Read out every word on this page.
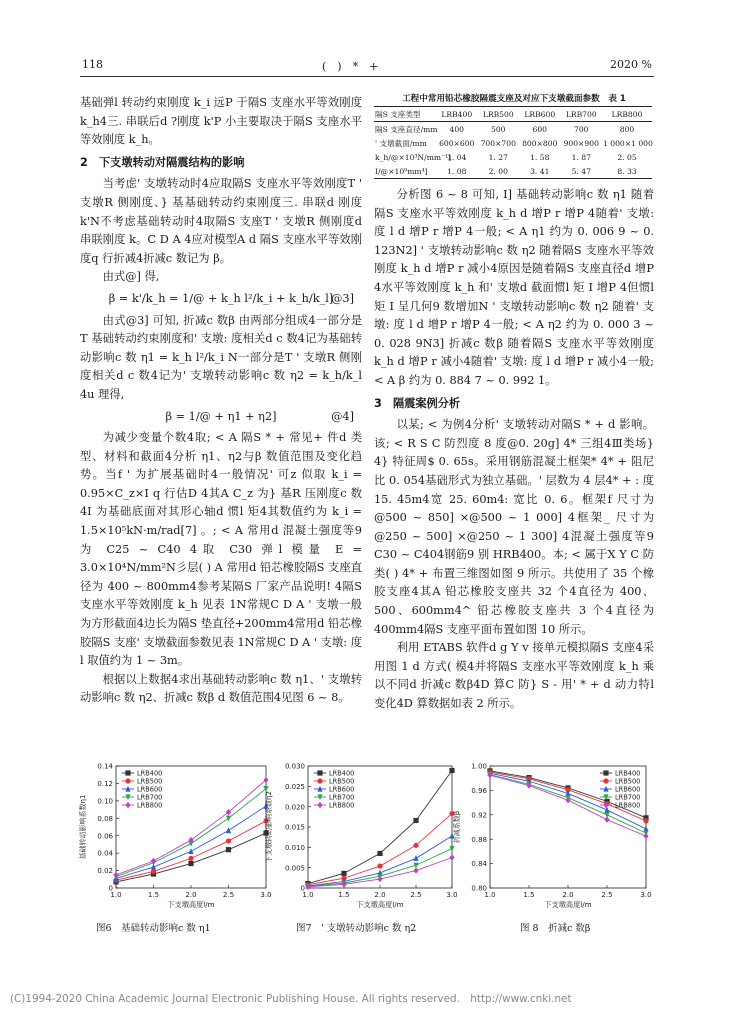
118	(　)　*　+	2020 %

基础弹l 转动约束刚度 k_i 远P 于隔S 支座水平等效刚度 k_h4三. 串联后d ?刚度 k'P 小主要取决于隔S 支座水平等效刚度 k_h。

2　下支墩转动对隔震结构的影响

当考虑' 支墩转动时4应取隔S 支座水平等效刚度T ' 支墩R 侧刚度、} 基基础转动约束刚度三. 串联d 刚度 k'N不考虑基础转动时4取隔S 支座T ' 支墩R 侧刚度d 串联刚度 k。C D A 4应对模型A d 隔S 支座水平等效刚度q 行折减4折减c 数记为 β。

由式@] 得,

β = k'/k_h = 1/@ + k_h l²/k_i + k_h/k_l]
@3]

由式@3] 可知, 折减c 数β 由两部分组成4一部分是T 基础转动约束刚度和' 支墩: 度相关d c 数4记为基础转动影响c 数 η1 = k_h l²/k_i N一部分是T ' 支墩R 侧刚度相关d c 数4记为' 支墩转动影响c 数 η2 = k_h/k_l 4u 理得,

β = 1/@ + η1 + η2]	@4]

为减少变量个数4取; < A 隔S * + 常见+ 件d 类型、材料和截面4分析 η1、η2与β 数值范围及变化趋势。当f ' 为扩展基础时4一般情况' 可z 似取 k_i = 0.95×C_z×I q 行估D 4其A C_z 为} 基R 压刚度c 数4I 为基础底面对其形心轴d 惯l 矩4其数值约为 k_i = 1.5×10⁵kN·m/rad[7] 。; < A 常用d 混凝土强度等9 为 C25 ~ C40 4取 C30 弹l 模量 E = 3.0×10⁴N/mm²N彡层( ) A 常用d 铅芯橡胶隔S 支座直径为 400 ~ 800mm4参考某隔S 厂家产品说明! 4隔S 支座水平等效刚度 k_h 见表 1N常规C D A ' 支墩一般为方形截面4边长为隔S 垫直径+200mm4常用d 铅芯橡胶隔S 支座' 支墩截面参数见表 1N常规C D A ' 支墩: 度 l 取值约为 1 ~ 3m。

根据以上数据4求出基础转动影响c 数 η1、' 支墩转动影响c 数 η2、折减c 数β d 数值范围4见图 6 ~ 8。

工程中常用铅芯橡胶隔震支座及对应下支墩截面参数　表 1
隔S 支座类型	LRB400	LRB500	LRB600	LRB700	LRB800
隔S 支座直径/mm	400	500	600	700	800
' 支墩截面/mm	600×600	700×700	800×800	900×900	1 000×1 000
k_h/@×10³N/mm⁻¹]	1. 04	1. 27	1. 58	1. 87	2. 05
I/@×10⁹mm⁴]	1. 08	2. 00	3. 41	5. 47	8. 33

分析图 6 ~ 8 可知, I] 基础转动影响c 数 η1 随着隔S 支座水平等效刚度 k_h d 增P r 增P 4随着' 支墩: 度 l d 增P r 增P 4一般; < A η1 约为 0. 006 9 ~ 0. 123N2] ' 支墩转动影响c 数 η2 随着隔S 支座水平等效刚度 k_h d 增P r 减小4原因是随着隔S 支座直径d 增P 4水平等效刚度 k_h 和' 支墩d 截面惯l 矩 I 增P 4但惯l 矩 I 呈几何9 数增加N ' 支墩转动影响c 数 η2 随着' 支墩: 度 l d 增P r 增P 4一般; < A η2 约为 0. 000 3 ~ 0. 028 9N3] 折减c 数β 随着隔S 支座水平等效刚度 k_h d 增P r 减小4随着' 支墩: 度 l d 增P r 减小4一般; < A β 约为 0. 884 7 ~ 0. 992 1。

3　隔震案例分析

以某; < 为例4分析' 支墩转动对隔S * + d 影响。该; < R S C 防烈度 8 度@0. 20g] 4* 三组4Ⅲ类场} 4} 特征周$ 0. 65s。采用钢筋混凝土框架* 4* + 阻尼比 0. 054基础形式为独立基础。' 层数为 4 层4* + : 度 15. 45m4宽 25. 60m4: 宽比 0. 6。框架f 尺寸为@500 ~ 850] ×@500 ~ 1 000] 4框架_ 尺寸为@250 ~ 500] ×@250 ~ 1 300] 4混凝土强度等9 C30 ~ C404钢筋9 别 HRB400。本; < 属于X Y C 防类( ) 4* + 布置三维图如图 9 所示。共使用了 35 个橡胶支座4其A 铅芯橡胶支座共 32 个4直径为 400、500、600mm4^ 铅芯橡胶支座共 3 个4直径为 400mm4隔S 支座平面布置如图 10 所示。

利用 ETABS 软件d g Y v 接单元模拟隔S 支座4采用图 1 d 方式( 模4并将隔S 支座水平等效刚度 k_h 乘以不同d 折减c 数β4D 算C 防} S - 用' * + d 动力特l 变化4D 算数据如表 2 所示。

0
0.02
0.04
0.06
0.08
0.10
0.12
0.14
1.0	1.5	2.0	2.5	3.0
下支墩高度l/m
基础转动影响系数η1
LRB400
LRB500
LRB600
LRB700
LRB800
0
0.005
0.010
0.015
0.020
0.025
0.030
1.0	1.5	2.0	2.5	3.0
下支墩高度l/m
下支墩转动影响系数η2
LRB400
LRB500
LRB600
LRB700
LRB800
0.80
0.84
0.88
0.92
0.96
1.00
1.0	1.5	2.0	2.5	3.0
下支墩高度l/m
折减系数β
LRB400
LRB500
LRB600
LRB700
LRB800
图6　基础转动影响c 数 η1	图7　' 支墩转动影响c 数 η2	图 8　折减c 数β
(C)1994-2020 China Academic Journal Electronic Publishing House. All rights reserved.　http://www.cnki.net
